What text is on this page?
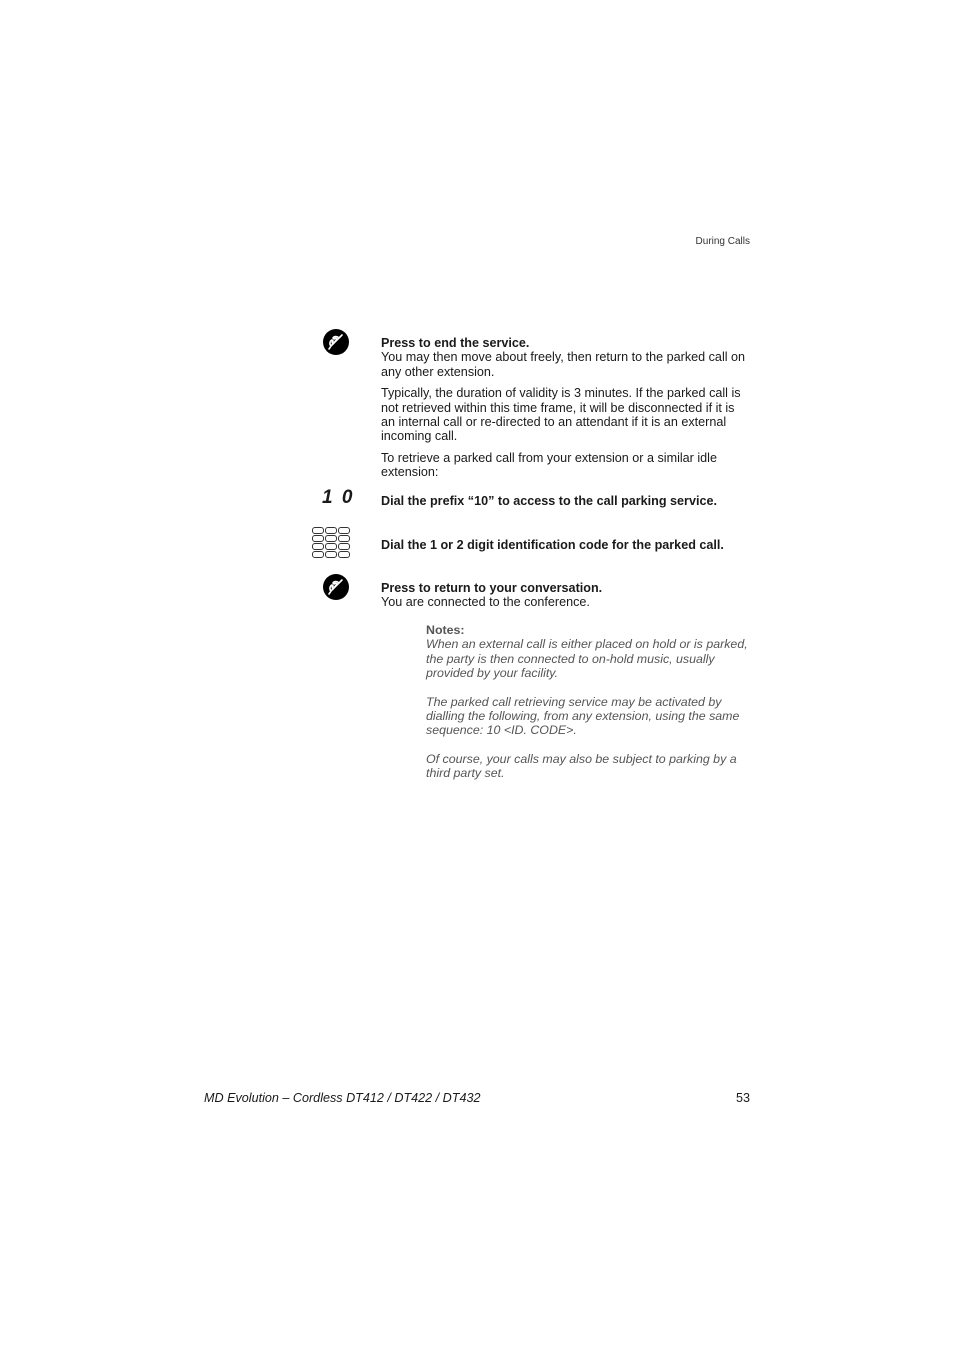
During Calls
Press to end the service.

You may then move about freely, then return to the parked call on any other extension.

Typically, the duration of validity is 3 minutes. If the parked call is not retrieved within this time frame, it will be disconnected if it is an internal call or re-directed to an attendant if it is an external incoming call.

To retrieve a parked call from your extension or a similar idle extension:

1 0 Dial the prefix “10” to access to the call parking service.
Dial the 1 or 2 digit identification code for the parked call.
Press to return to your conversation.

You are connected to the conference.

Notes:

When an external call is either placed on hold or is parked, the party is then connected to on-hold music, usually provided by your facility.

The parked call retrieving service may be activated by dialling the following, from any extension, using the same sequence: 10 <ID. CODE>.

Of course, your calls may also be subject to parking by a third party set.

MD Evolution – Cordless DT412 / DT422 / DT432	53
